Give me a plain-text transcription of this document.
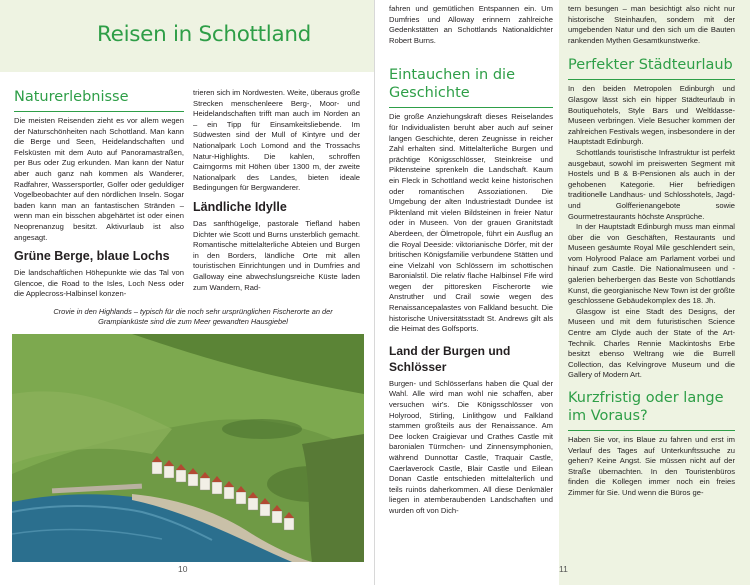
Reisen in Schottland
Naturerlebnisse

Die meisten Reisenden zieht es vor allem wegen der Naturschönheiten nach Schottland. Man kann die Berge und Seen, Heidelandschaften und Felsküsten mit dem Auto auf Panoramastraßen, per Bus oder Zug erkunden. Man kann der Natur aber auch ganz nah kommen als Wanderer, Radfahrer, Wassersportler, Golfer oder geduldiger Vogelbeobachter auf den nördlichen Inseln. Sogar baden kann man an fantastischen Stränden – wenn man ein bisschen abgehärtet ist oder einen Neoprenanzug besitzt. Aktivurlaub ist also angesagt.

Grüne Berge, blaue Lochs

Die landschaftlichen Höhepunkte wie das Tal von Glencoe, die Road to the Isles, Loch Ness oder die Applecross-Halbinsel konzen-

trieren sich im Nordwesten. Weite, überaus große Strecken menschenleere Berg-, Moor- und Heidelandschaften trifft man auch im Norden an – ein Tipp für Einsamkeitsliebende. Im Südwesten sind der Mull of Kintyre und der Nationalpark Loch Lomond and the Trossachs Natur-Highlights. Die kahlen, schroffen Cairngorms mit Höhen über 1300 m, der zweite Nationalpark des Landes, bieten ideale Bedingungen für Bergwanderer.

Ländliche Idylle

Das sanfthügelige, pastorale Tiefland haben Dichter wie Scott und Burns unsterblich gemacht. Romantische mittelalterliche Abteien und Burgen in den Borders, ländliche Orte mit allen touristischen Einrichtungen und in Dumfries and Galloway eine abwechslungsreiche Küste laden zum Wandern, Rad-

Crovie in den Highlands – typisch für die noch sehr ursprünglichen Fischerorte an der Grampianküste sind die zum Meer gewandten Hausgiebel

10

fahren und gemütlichen Entspannen ein. Um Dumfries und Alloway erinnern zahlreiche Gedenkstätten an Schottlands Nationaldichter Robert Burns.

Eintauchen in die Geschichte

Die große Anziehungskraft dieses Reiselandes für Individualisten beruht aber auch auf seiner langen Geschichte, deren Zeugnisse in reicher Zahl erhalten sind. Mittelalterliche Burgen und prächtige Königsschlösser, Steinkreise und Piktensteine sprenkeln die Landschaft. Kaum ein Fleck in Schottland weckt keine historischen oder romantischen Assoziationen. Die Umgebung der alten Industriestadt Dundee ist Piktenland mit vielen Bildsteinen in freier Natur oder in Museen. Von der grauen Granitstadt Aberdeen, der Ölmetropole, führt ein Ausflug an die Royal Deeside: viktorianische Dörfer, mit der britischen Königsfamilie verbundene Stätten und eine Vielzahl von Schlössern im schottischen Baronialstil. Die relativ flache Halbinsel Fife wird wegen der pittoresken Fischerorte wie Anstruther und Crail sowie wegen des Renaissancepalastes von Falkland besucht. Die historische Universitätsstadt St. Andrews gilt als die Heimat des Golfsports.

Land der Burgen und Schlösser

Burgen- und Schlösserfans haben die Qual der Wahl. Alle wird man wohl nie schaffen, aber versuchen wir's. Die Königsschlösser von Holyrood, Stirling, Linlithgow und Falkland stammen großteils aus der Renaissance. Am Dee locken Craigievar und Crathes Castle mit baronialen Türmchen- und Zinnensymphonien, während Dunnottar Castle, Traquair Castle, Caerlaverock Castle, Blair Castle und Eilean Donan Castle entschieden mittelalterlich und teils ruinös daherkommen. All diese Denkmäler liegen in atemberaubenden Landschaften und wurden oft von Dich-

tern besungen – man besichtigt also nicht nur historische Steinhaufen, sondern mit der umgebenden Natur und den sich um die Bauten rankenden Mythen Gesamtkunstwerke.

Perfekter Städteurlaub

In den beiden Metropolen Edinburgh und Glasgow lässt sich ein hipper Städteurlaub in Boutiquehotels, Style Bars und Weltklasse-Museen verbringen. Viele Besucher kommen der zahlreichen Festivals wegen, insbesondere in der Hauptstadt Edinburgh.

Schottlands touristische Infrastruktur ist perfekt ausgebaut, sowohl im preiswerten Segment mit Hostels und B & B-Pensionen als auch in der gehobenen Kategorie. Hier befriedigen traditionelle Landhaus- und Schlosshotels, Jagd- und Golfferienangebote sowie Gourmetrestaurants höchste Ansprüche.

In der Hauptstadt Edinburgh muss man einmal über die von Geschäften, Restaurants und Museen gesäumte Royal Mile geschlendert sein, vom Holyrood Palace am Parlament vorbei und hinauf zum Castle. Die Nationalmuseen und -galerien beherbergen das Beste von Schottlands Kunst, die georgianische New Town ist der größte geschlossene Gebäudekomplex des 18. Jh.

Glasgow ist eine Stadt des Designs, der Museen und mit dem futuristischen Science Centre am Clyde auch der State of the Art-Technik. Charles Rennie Mackintoshs Erbe besitzt ebenso Weltrang wie die Burrell Collection, das Kelvingrove Museum und die Gallery of Modern Art.

Kurzfristig oder lange im Voraus?

Haben Sie vor, ins Blaue zu fahren und erst im Verlauf des Tages auf Unterkunftssuche zu gehen? Keine Angst. Sie müssen nicht auf der Straße übernachten. In den Touristenbüros finden die Kollegen immer noch ein freies Zimmer für Sie. Und wenn die Büros ge-

11
